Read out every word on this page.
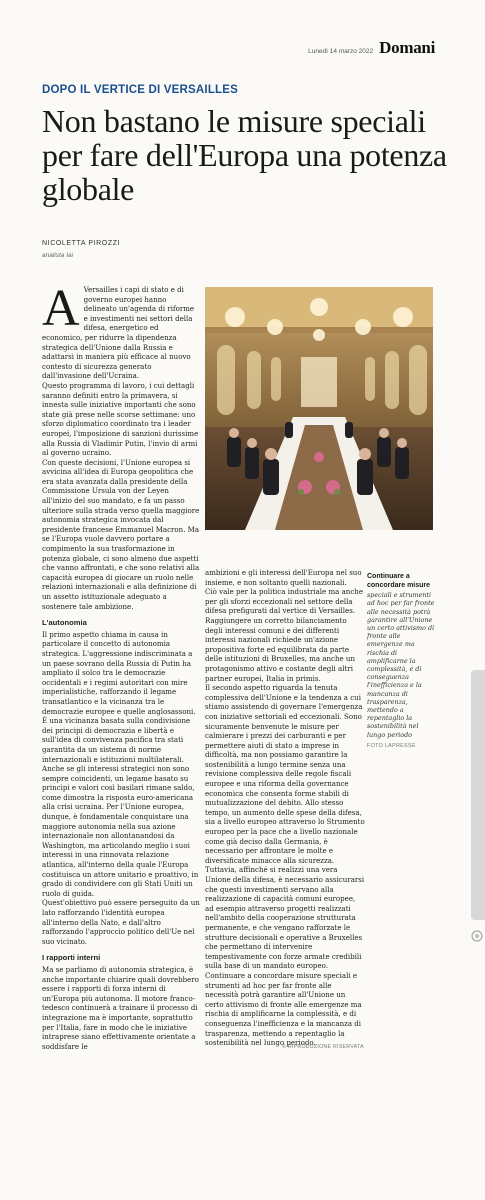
Lunedì 14 marzo 2022 Domani
DOPO IL VERTICE DI VERSAILLES
Non bastano le misure speciali per fare dell'Europa una potenza globale
NICOLETTA PIROZZI
analista Iai
A Versailles i capi di stato e di governo europei hanno delineato un'agenda di riforme e investimenti nei settori della difesa, energetico ed economico, per ridurre la dipendenza strategica dell'Unione dalla Russia e adattarsi in maniera più efficace al nuovo contesto di sicurezza generato dall'invasione dell'Ucraina.

Questo programma di lavoro, i cui dettagli saranno definiti entro la primavera, si innesta sulle iniziative importanti che sono state già prese nelle scorse settimane: uno sforzo diplomatico coordinato tra i leader europei, l'imposizione di sanzioni durissime alla Russia di Vladimir Putin, l'invio di armi al governo ucraino.

Con queste decisioni, l'Unione europea si avvicina all'idea di Europa geopolitica che era stata avanzata dalla presidente della Commissione Ursula von der Leyen all'inizio del suo mandato, e fa un passo ulteriore sulla strada verso quella maggiore autonomia strategica invocata dal presidente francese Emmanuel Macron. Ma se l'Europa vuole davvero portare a compimento la sua trasformazione in potenza globale, ci sono almeno due aspetti che vanno affrontati, e che sono relativi alla capacità europea di giocare un ruolo nelle relazioni internazionali e alla definizione di un assetto istituzionale adeguato a sostenere tale ambizione.

L'autonomia

Il primo aspetto chiama in causa in particolare il concetto di autonomia strategica. L'aggressione indiscriminata a un paese sovrano della Russia di Putin ha ampliato il solco tra le democrazie occidentali e i regimi autoritari con mire imperialistiche, rafforzando il legame transatlantico e la vicinanza tra le democrazie europee e quelle anglosassoni. È una vicinanza basata sulla condivisione dei principi di democrazia e libertà e sull'idea di convivenza pacifica tra stati garantita da un sistema di norme internazionali e istituzioni multilaterali.

Anche se gli interessi strategici non sono sempre coincidenti, un legame basato su principi e valori così basilari rimane saldo, come dimostra la risposta euro-americana alla crisi ucraina. Per l'Unione europea, dunque, è fondamentale conquistare una maggiore autonomia nella sua azione internazionale non allontanandosi da Washington, ma articolando meglio i suoi interessi in una rinnovata relazione atlantica, all'interno della quale l'Europa costituisca un attore unitario e proattivo, in grado di condividere con gli Stati Uniti un ruolo di guida.

Quest'obiettivo può essere perseguito da un lato rafforzando l'identità europea all'interno della Nato, e dall'altro rafforzando l'approccio politico dell'Ue nel suo vicinato.

I rapporti interni

Ma se parliamo di autonomia strategica, è anche importante chiarire quali dovrebbero essere i rapporti di forza interni di un'Europa più autonoma. Il motore franco-tedesco continuerà a trainare il processo di integrazione ma è importante, soprattutto per l'Italia, fare in modo che le iniziative intraprese siano effettivamente orientate a soddisfare le

ambizioni e gli interessi dell'Europa nel suo insieme, e non soltanto quelli nazionali.

Ciò vale per la politica industriale ma anche per gli sforzi eccezionali nel settore della difesa prefigurati dal vertice di Versailles. Raggiungere un corretto bilanciamento degli interessi comuni e dei differenti interessi nazionali richiede un'azione propositiva forte ed equilibrata da parte delle istituzioni di Bruxelles, ma anche un protagonismo attivo e costante degli altri partner europei, Italia in primis.

Il secondo aspetto riguarda la tenuta complessiva dell'Unione e la tendenza a cui stiamo assistendo di governare l'emergenza con iniziative settoriali ed eccezionali. Sono sicuramente benvenute le misure per calmierare i prezzi dei carburanti e per permettere aiuti di stato a imprese in difficoltà, ma non possiamo garantire la sostenibilità a lungo termine senza una revisione complessiva delle regole fiscali europee e una riforma della governance economica che consenta forme stabili di mutualizzazione del debito. Allo stesso tempo, un aumento delle spese della difesa, sia a livello europeo attraverso lo Strumento europeo per la pace che a livello nazionale come già deciso dalla Germania, è necessario per affrontare le molte e diversificate minacce alla sicurezza.

Tuttavia, affinché si realizzi una vera Unione della difesa, è necessario assicurarsi che questi investimenti servano alla realizzazione di capacità comuni europee, ad esempio attraverso progetti realizzati nell'ambito della cooperazione strutturata permanente, e che vengano rafforzate le strutture decisionali e operative a Bruxelles che permettano di intervenire tempestivamente con forze armate credibili sulla base di un mandato europeo. Continuare a concordare misure speciali e strumenti ad hoc per far fronte alle necessità potrà garantire all'Unione un certo attivismo di fronte alle emergenze ma rischia di amplificarne la complessità, e di conseguenza l'inefficienza e la mancanza di trasparenza, mettendo a repentaglio la sostenibilità nel lungo periodo.

Continuare a concordare misure
speciali e strumenti ad hoc per far fronte alle necessità potrà garantire all'Unione un certo attivismo di fronte alle emergenze ma rischia di amplificarne la complessità, e di conseguenza l'inefficienza e la mancanza di trasparenza, mettendo a repentaglio la sostenibilità nel lungo periodo
FOTO LAPRESSE
© RIPRODUZIONE RISERVATA
